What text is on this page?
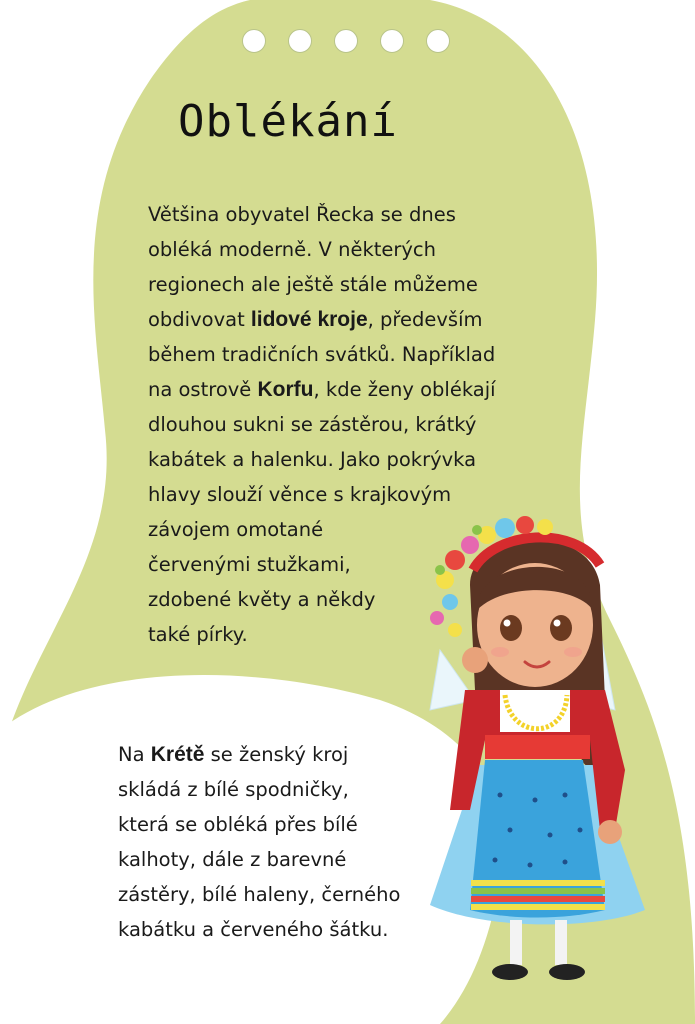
Oblékání

Většina obyvatel Řecka se dnes
obléká moderně. V některých
regionech ale ještě stále můžeme
obdivovat lidové kroje, především
během tradičních svátků. Například
na ostrově Korfu, kde ženy oblékají
dlouhou sukni se zástěrou, krátký
kabátek a halenku. Jako pokrývka
hlavy slouží věnce s krajkovým
závojem omotané
červenými stužkami,
zdobené květy a někdy
také pírky.

Na Krétě se ženský kroj
skládá z bílé spodničky,
která se obléká přes bílé
kalhoty, dále z barevné
zástěry, bílé haleny, černého
kabátku a červeného šátku.
